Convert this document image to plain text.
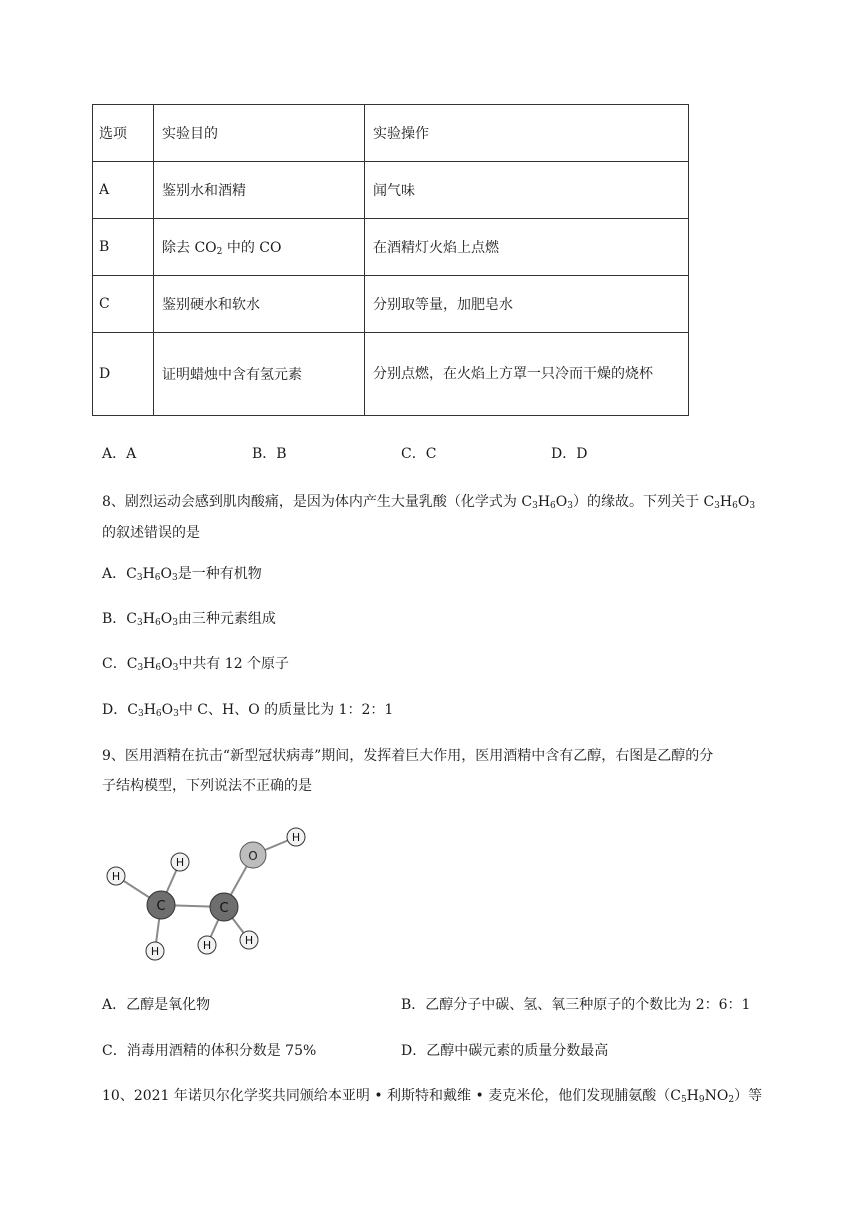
选项	实验目的	实验操作
A	鉴别水和酒精	闻气味
B	除去 $CO_2$ 中的 CO	在酒精灯火焰上点燃
C	鉴别硬水和软水	分别取等量，加肥皂水
D	证明蜡烛中含有氢元素	分别点燃，在火焰上方罩一只冷而干燥的烧杯
A．A	B．B	C．C	D．D
8、剧烈运动会感到肌肉酸痛，是因为体内产生大量乳酸（化学式为 $C_3H_6O_3$）的缘故。下列关于 $C_3H_6O_3$
的叙述错误的是
A．$C_3H_6O_3$是一种有机物
B．$C_3H_6O_3$由三种元素组成
C．$C_3H_6O_3$中共有 12 个原子
D．$C_3H_6O_3$中 C、H、O 的质量比为 1：2：1
9、医用酒精在抗击“新型冠状病毒”期间，发挥着巨大作用，医用酒精中含有乙醇，右图是乙醇的分
子结构模型，下列说法不正确的是
C	C
O
H
H
H	H	H
H
A．乙醇是氧化物	B．乙醇分子中碳、氢、氧三种原子的个数比为 2：6：1
C．消毒用酒精的体积分数是 75%	D．乙醇中碳元素的质量分数最高
10、2021 年诺贝尔化学奖共同颁给本亚明 • 利斯特和戴维 • 麦克米伦，他们发现脯氨酸$(C_5H_9NO_2)$等
